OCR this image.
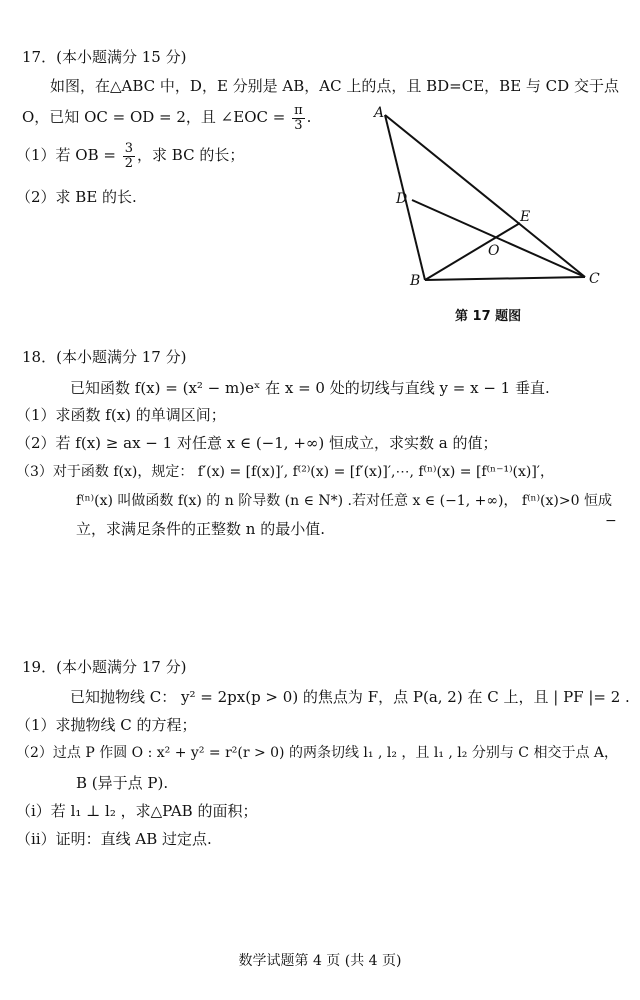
17．(本小题满分 15 分)
如图，在△ABC 中，D，E 分别是 AB，AC 上的点，且 BD=CE，BE 与 CD 交于点
O，已知 OC = OD = 2，且 ∠EOC = $\frac{\pi}{3}$ .
（1）若 OB = $\frac{3}{2}$ ，求 BC 的长；
（2）求 BE 的长.
A
D
E
O
B	C
第 17 题图
18．(本小题满分 17 分)
已知函数 f(x) = (x² − m)eˣ 在 x = 0 处的切线与直线 y = x − 1 垂直.
（1）求函数 f(x) 的单调区间；
（2）若 f(x) ≥ ax − 1 对任意 x ∈ (−1, +∞) 恒成立，求实数 a 的值；
（3）对于函数 f(x)，规定： f′(x) = [f(x)]′, f⁽²⁾(x) = [f′(x)]′,⋯, f⁽ⁿ⁾(x) = [f⁽ⁿ⁻¹⁾(x)]′，
f⁽ⁿ⁾(x) 叫做函数 f(x) 的 n 阶导数 (n ∈ N*) .若对任意 x ∈ (−1, +∞)， f⁽ⁿ⁾(x)>0 恒成
立，求满足条件的正整数 n 的最小值.	−
19．(本小题满分 17 分)
已知抛物线 C： y² = 2px(p > 0) 的焦点为 F，点 P(a, 2) 在 C 上，且 | PF |= 2 .
（1）求抛物线 C 的方程；
（2）过点 P 作圆 O : x² + y² = r²(r > 0) 的两条切线 l₁ , l₂ ，且 l₁ , l₂ 分别与 C 相交于点 A，
B (异于点 P).
（ⅰ）若 l₁ ⊥ l₂ ，求△PAB 的面积；
（ⅱ）证明：直线 AB 过定点.
数学试题第 4 页 (共 4 页)
